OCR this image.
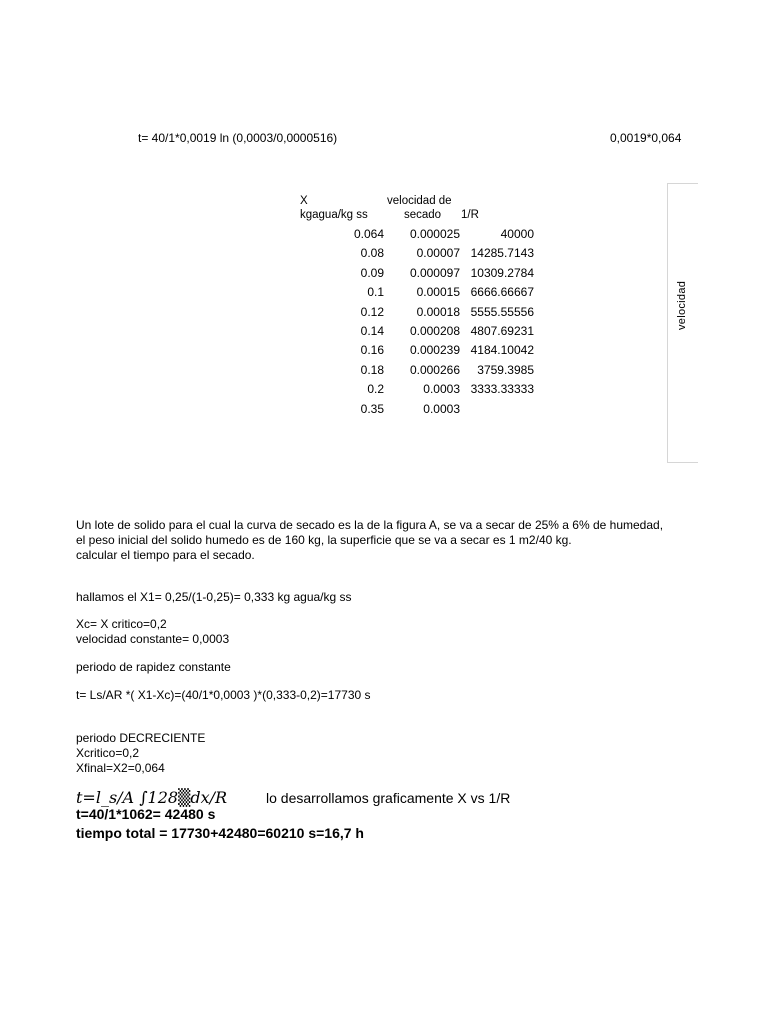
t= 40/1*0,0019 ln (0,0003/0,0000516)	0,0019*0,064
X
kgagua/kg ss
velocidad de
secado 1/R
0.064	0.000025	40000
0.08	0.00007 14285.7143
0.09	0.000097 10309.2784
0.1	0.00015 6666.66667
0.12	0.00018 5555.55556
0.14	0.000208 4807.69231
0.16	0.000239 4184.10042
0.18	0.000266	3759.3985
0.2	0.0003 3333.33333
0.35	0.0003
velocidad
Un lote de solido para el cual la curva de secado es la de la figura A, se va a secar de 25% a 6% de humedad,
el peso inicial del solido humedo es de 160 kg, la superficie que se va a secar es 1 m2/40 kg.
calcular el tiempo para el secado.
hallamos el X1= 0,25/(1-0,25)= 0,333 kg agua/kg ss
Xc= X critico=0,2
velocidad constante= 0,0003
periodo de rapidez constante
t= Ls/AR *( X1-Xc)=(40/1*0,0003 )*(0,333-0,2)=17730 s
periodo DECRECIENTE
Xcritico=0,2
Xfinal=X2=0,064
t=l_s/A ∫128▒dx/R	lo desarrollamos graficamente X vs 1/R
t=40/1*1062= 42480 s
tiempo total = 17730+42480=60210 s=16,7 h
